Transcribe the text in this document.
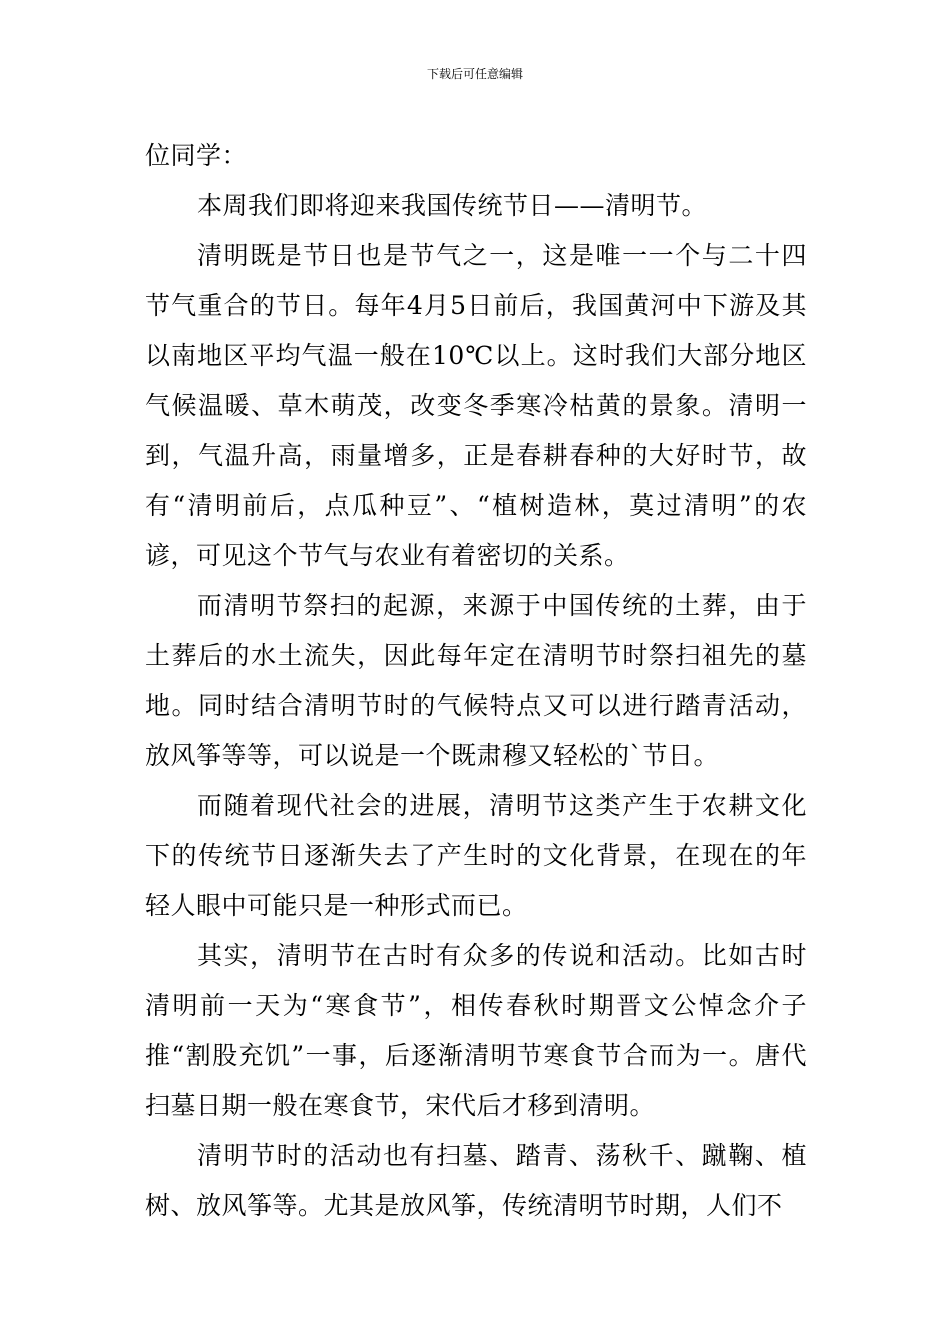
下载后可任意编辑

位同学：

本周我们即将迎来我国传统节日——清明节。

清明既是节日也是节气之一，这是唯一一个与二十四节气重合的节日。每年4月5日前后，我国黄河中下游及其以南地区平均气温一般在10℃以上。这时我们大部分地区气候温暖、草木萌茂，改变冬季寒冷枯黄的景象。清明一到，气温升高，雨量增多，正是春耕春种的大好时节，故有“清明前后，点瓜种豆”、“植树造林，莫过清明”的农谚，可见这个节气与农业有着密切的关系。

而清明节祭扫的起源，来源于中国传统的土葬，由于土葬后的水土流失，因此每年定在清明节时祭扫祖先的墓地。同时结合清明节时的气候特点又可以进行踏青活动，放风筝等等，可以说是一个既肃穆又轻松的`节日。

而随着现代社会的进展，清明节这类产生于农耕文化下的传统节日逐渐失去了产生时的文化背景，在现在的年轻人眼中可能只是一种形式而已。

其实，清明节在古时有众多的传说和活动。比如古时清明前一天为“寒食节”，相传春秋时期晋文公悼念介子推“割股充饥”一事，后逐渐清明节寒食节合而为一。唐代扫墓日期一般在寒食节，宋代后才移到清明。

清明节时的活动也有扫墓、踏青、荡秋千、蹴鞠、植树、放风筝等。尤其是放风筝，传统清明节时期，人们不
